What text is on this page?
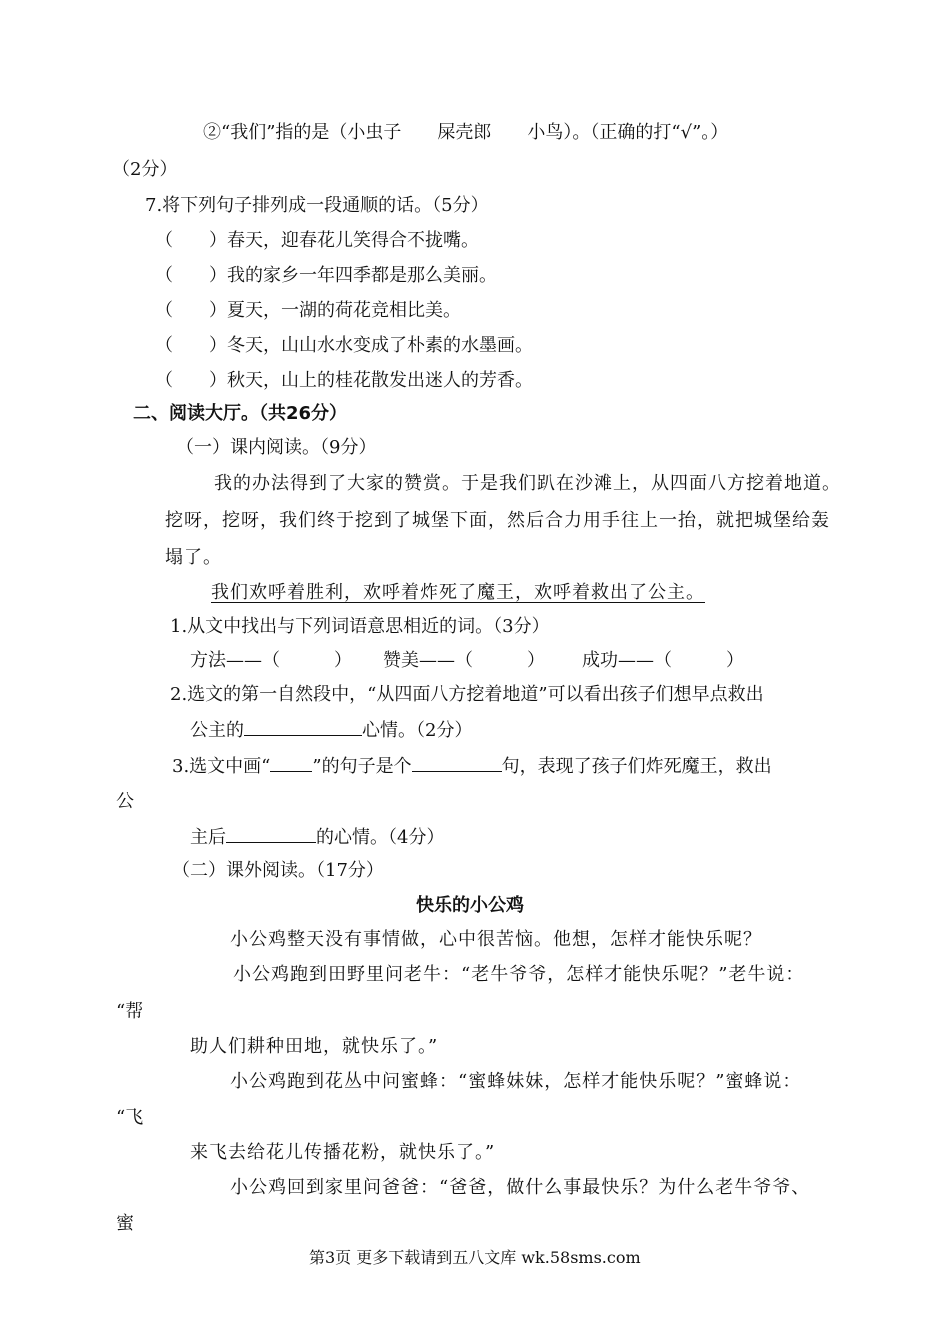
②“我们”指的是（小虫子　　屎壳郎　　小鸟）。（正确的打“√”。）
（2分）
7.将下列句子排列成一段通顺的话。（5分）
（　　）春天，迎春花儿笑得合不拢嘴。
（　　）我的家乡一年四季都是那么美丽。
（　　）夏天，一湖的荷花竞相比美。
（　　）冬天，山山水水变成了朴素的水墨画。
（　　）秋天，山上的桂花散发出迷人的芳香。
二、阅读大厅。（共26分）
（一）课内阅读。（9分）
我的办法得到了大家的赞赏。于是我们趴在沙滩上，从四面八方挖着地道。
挖呀，挖呀，我们终于挖到了城堡下面，然后合力用手往上一抬，就把城堡给轰
塌了。
我们欢呼着胜利，欢呼着炸死了魔王，欢呼着救出了公主。
1.从文中找出与下列词语意思相近的词。（3分）
方法——（　　　） 赞美——（　　　） 成功——（　　　）
2.选文的第一自然段中，“从四面八方挖着地道”可以看出孩子们想早点救出
公主的	心情。（2分）
3.选文中画“ ”的句子是个	句，表现了孩子们炸死魔王，救出
公
主后	的心情。（4分）
（二）课外阅读。（17分）
快乐的小公鸡
小公鸡整天没有事情做，心中很苦恼。他想，怎样才能快乐呢？
小公鸡跑到田野里问老牛：“老牛爷爷，怎样才能快乐呢？”老牛说：
“帮
助人们耕种田地，就快乐了。”
小公鸡跑到花丛中问蜜蜂：“蜜蜂妹妹，怎样才能快乐呢？”蜜蜂说：
“飞
来飞去给花儿传播花粉，就快乐了。”
小公鸡回到家里问爸爸：“爸爸，做什么事最快乐？为什么老牛爷爷、
蜜
第3页 更多下载请到五八文库 wk.58sms.com
